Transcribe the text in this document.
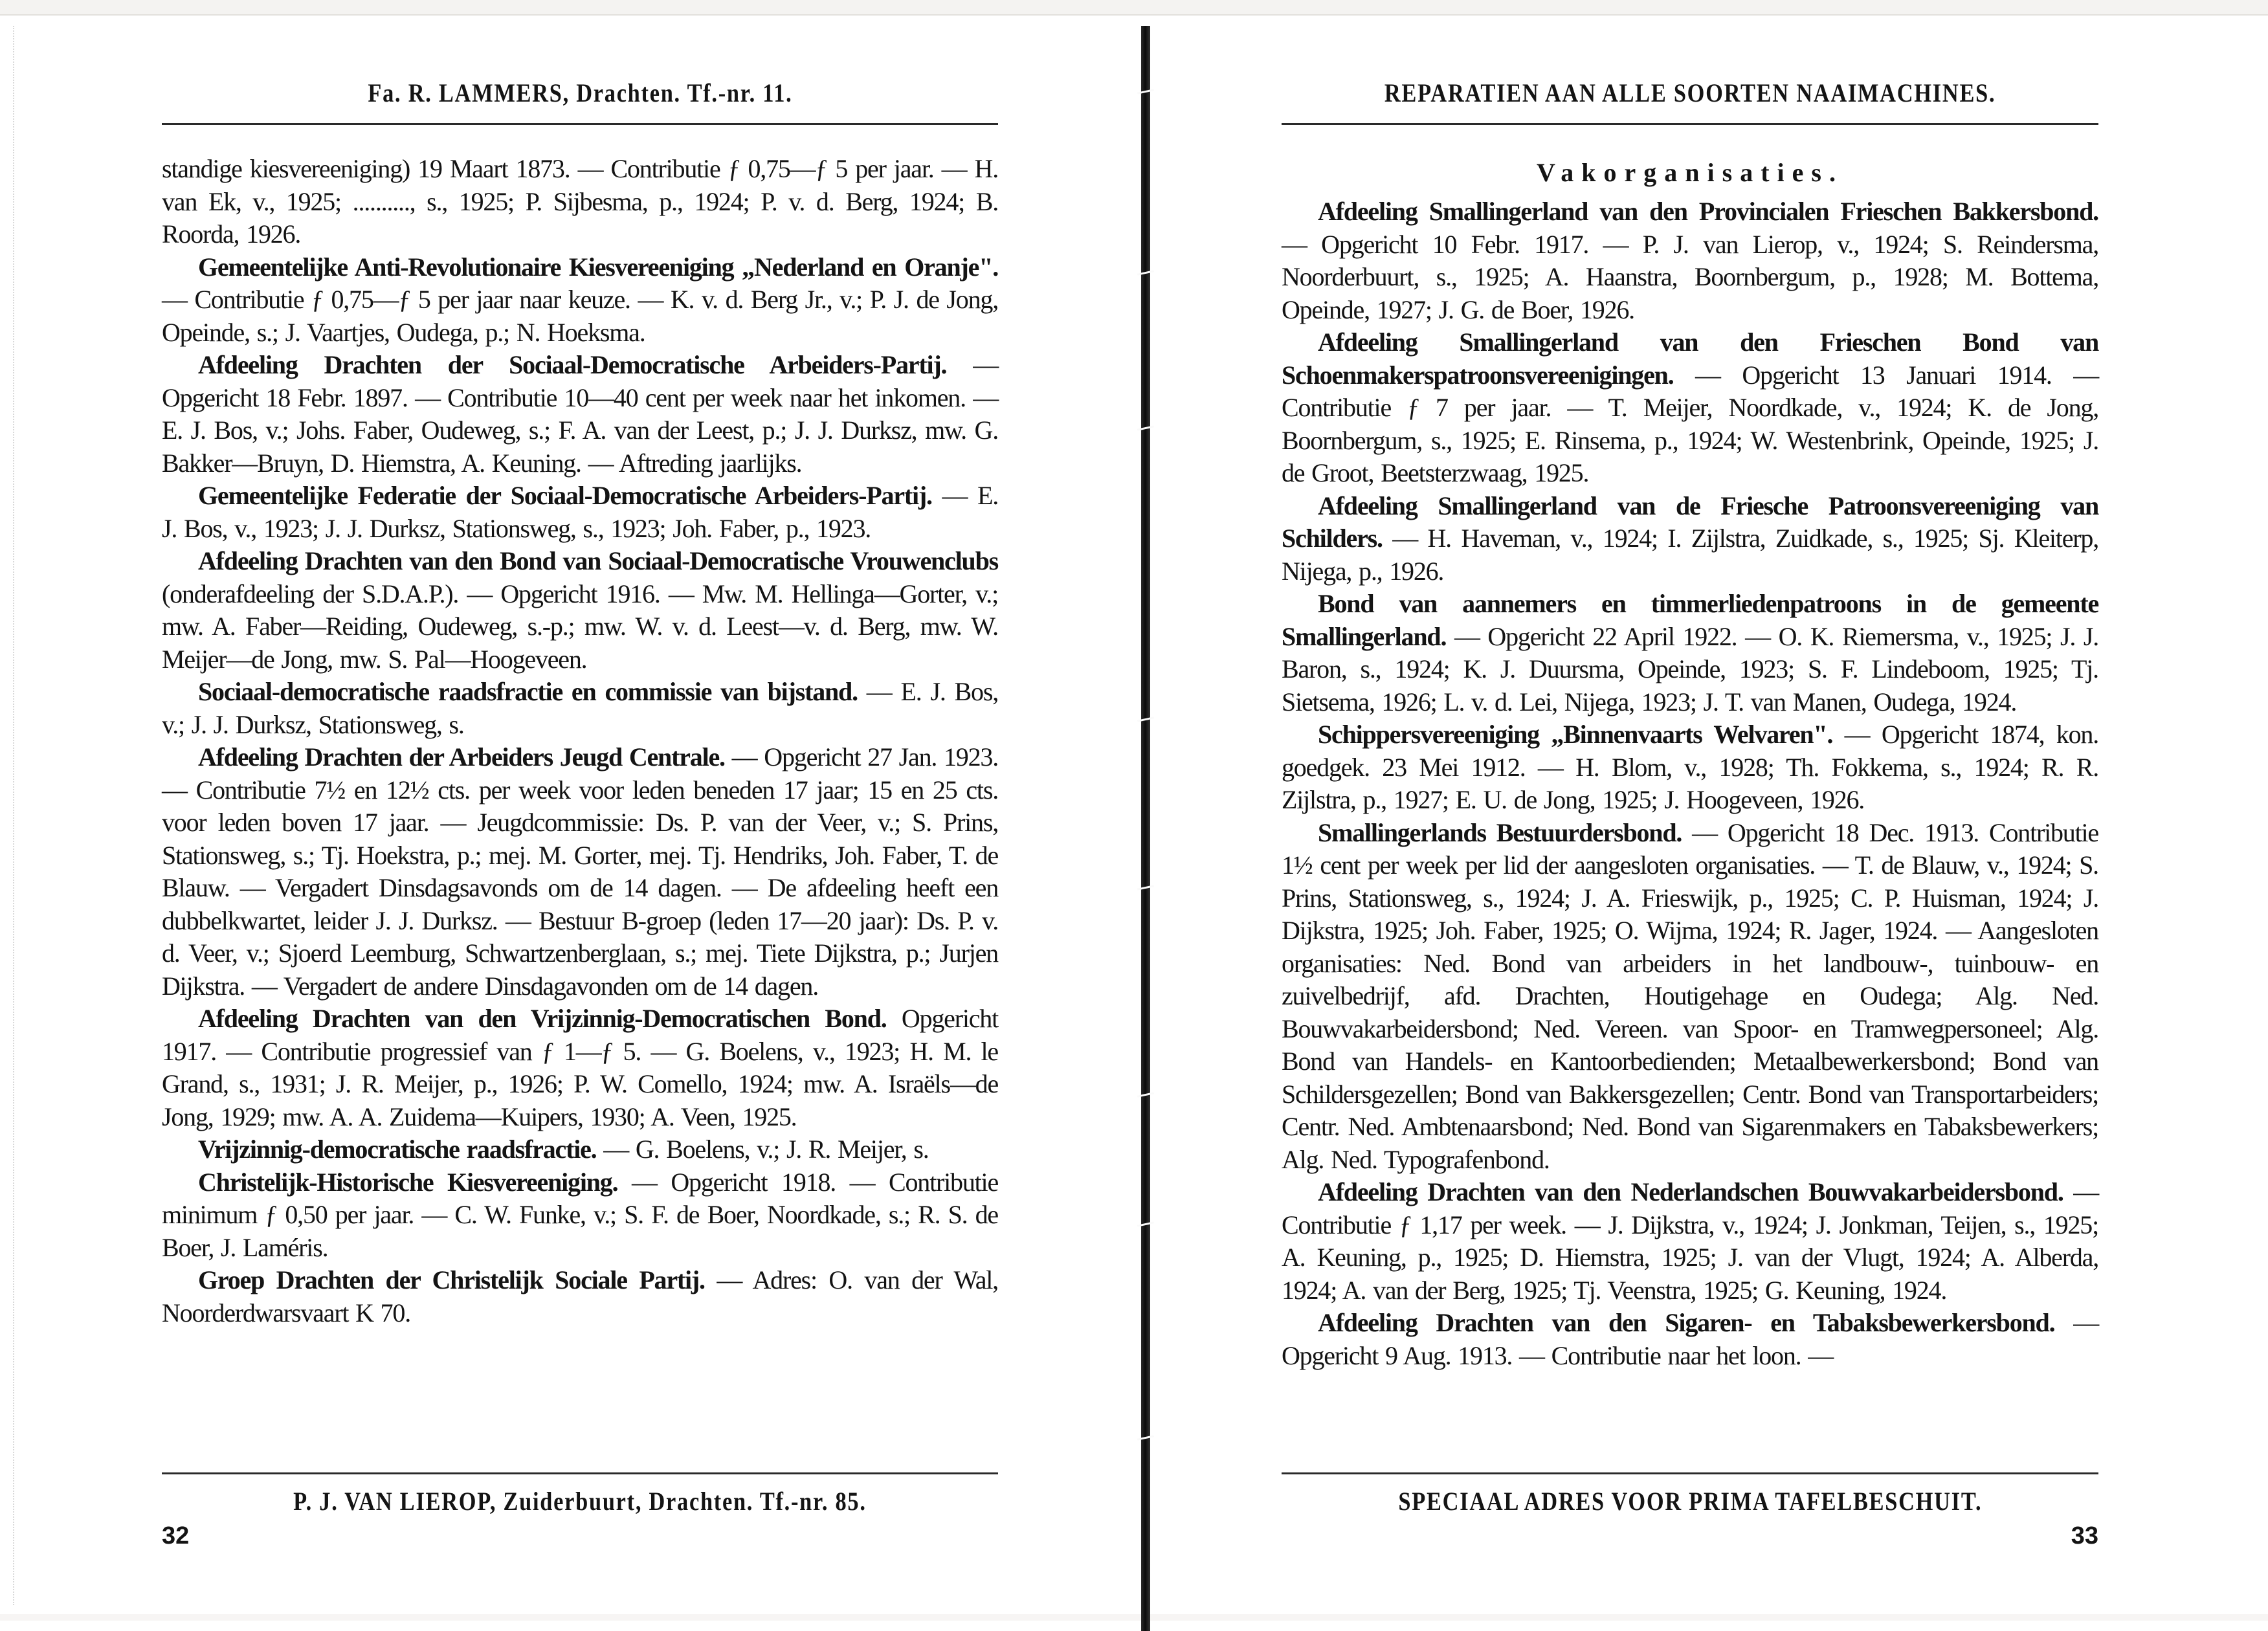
Fa. R. LAMMERS, Drachten. Tf.-nr. 11.
standige kiesvereeniging) 19 Maart 1873. — Contributie ƒ 0,75—ƒ 5 per jaar. — H. van Ek, v., 1925; .........., s., 1925; P. Sijbesma, p., 1924; P. v. d. Berg, 1924; B. Roorda, 1926.
Gemeentelijke Anti-Revolutionaire Kiesvereeniging „Nederland en Oranje". — Contributie ƒ 0,75—ƒ 5 per jaar naar keuze. — K. v. d. Berg Jr., v.; P. J. de Jong, Opeinde, s.; J. Vaartjes, Oudega, p.; N. Hoeksma.
Afdeeling Drachten der Sociaal-Democratische Arbeiders-Partij. — Opgericht 18 Febr. 1897. — Contributie 10—40 cent per week naar het inkomen. — E. J. Bos, v.; Johs. Faber, Oudeweg, s.; F. A. van der Leest, p.; J. J. Durksz, mw. G. Bakker—Bruyn, D. Hiemstra, A. Keuning. — Aftreding jaarlijks.
Gemeentelijke Federatie der Sociaal-Democratische Arbeiders-Partij. — E. J. Bos, v., 1923; J. J. Durksz, Stationsweg, s., 1923; Joh. Faber, p., 1923.
Afdeeling Drachten van den Bond van Sociaal-Democratische Vrouwenclubs (onderafdeeling der S.D.A.P.). — Opgericht 1916. — Mw. M. Hellinga—Gorter, v.; mw. A. Faber—Reiding, Oudeweg, s.-p.; mw. W. v. d. Leest—v. d. Berg, mw. W. Meijer—de Jong, mw. S. Pal—Hoogeveen.
Sociaal-democratische raadsfractie en commissie van bijstand. — E. J. Bos, v.; J. J. Durksz, Stationsweg, s.
Afdeeling Drachten der Arbeiders Jeugd Centrale. — Opgericht 27 Jan. 1923. — Contributie 7½ en 12½ cts. per week voor leden beneden 17 jaar; 15 en 25 cts. voor leden boven 17 jaar. — Jeugdcommissie: Ds. P. van der Veer, v.; S. Prins, Stationsweg, s.; Tj. Hoekstra, p.; mej. M. Gorter, mej. Tj. Hendriks, Joh. Faber, T. de Blauw. — Vergadert Dinsdagsavonds om de 14 dagen. — De afdeeling heeft een dubbelkwartet, leider J. J. Durksz. — Bestuur B-groep (leden 17—20 jaar): Ds. P. v. d. Veer, v.; Sjoerd Leemburg, Schwartzenberglaan, s.; mej. Tiete Dijkstra, p.; Jurjen Dijkstra. — Vergadert de andere Dinsdagavonden om de 14 dagen.
Afdeeling Drachten van den Vrijzinnig-Democratischen Bond. Opgericht 1917. — Contributie progressief van ƒ 1—ƒ 5. — G. Boelens, v., 1923; H. M. le Grand, s., 1931; J. R. Meijer, p., 1926; P. W. Comello, 1924; mw. A. Israëls—de Jong, 1929; mw. A. A. Zuidema—Kuipers, 1930; A. Veen, 1925.
Vrijzinnig-democratische raadsfractie. — G. Boelens, v.; J. R. Meijer, s.
Christelijk-Historische Kiesvereeniging. — Opgericht 1918. — Contributie minimum ƒ 0,50 per jaar. — C. W. Funke, v.; S. F. de Boer, Noordkade, s.; R. S. de Boer, J. Laméris.
Groep Drachten der Christelijk Sociale Partij. — Adres: O. van der Wal, Noorderdwarsvaart K 70.
P. J. VAN LIEROP, Zuiderbuurt, Drachten. Tf.-nr. 85.
32
REPARATIEN AAN ALLE SOORTEN NAAIMACHINES.
Vakorganisaties.
Afdeeling Smallingerland van den Provincialen Frieschen Bakkersbond. — Opgericht 10 Febr. 1917. — P. J. van Lierop, v., 1924; S. Reindersma, Noorderbuurt, s., 1925; A. Haanstra, Boornbergum, p., 1928; M. Bottema, Opeinde, 1927; J. G. de Boer, 1926.
Afdeeling Smallingerland van den Frieschen Bond van Schoenmakerspatroonsvereenigingen. — Opgericht 13 Januari 1914. — Contributie ƒ 7 per jaar. — T. Meijer, Noordkade, v., 1924; K. de Jong, Boornbergum, s., 1925; E. Rinsema, p., 1924; W. Westenbrink, Opeinde, 1925; J. de Groot, Beetsterzwaag, 1925.
Afdeeling Smallingerland van de Friesche Patroonsvereeniging van Schilders. — H. Haveman, v., 1924; I. Zijlstra, Zuidkade, s., 1925; Sj. Kleiterp, Nijega, p., 1926.
Bond van aannemers en timmerliedenpatroons in de gemeente Smallingerland. — Opgericht 22 April 1922. — O. K. Riemersma, v., 1925; J. J. Baron, s., 1924; K. J. Duursma, Opeinde, 1923; S. F. Lindeboom, 1925; Tj. Sietsema, 1926; L. v. d. Lei, Nijega, 1923; J. T. van Manen, Oudega, 1924.
Schippersvereeniging „Binnenvaarts Welvaren". — Opgericht 1874, kon. goedgek. 23 Mei 1912. — H. Blom, v., 1928; Th. Fokkema, s., 1924; R. R. Zijlstra, p., 1927; E. U. de Jong, 1925; J. Hoogeveen, 1926.
Smallingerlands Bestuurdersbond. — Opgericht 18 Dec. 1913. Contributie 1½ cent per week per lid der aangesloten organisaties. — T. de Blauw, v., 1924; S. Prins, Stationsweg, s., 1924; J. A. Frieswijk, p., 1925; C. P. Huisman, 1924; J. Dijkstra, 1925; Joh. Faber, 1925; O. Wijma, 1924; R. Jager, 1924. — Aangesloten organisaties: Ned. Bond van arbeiders in het landbouw-, tuinbouw- en zuivelbedrijf, afd. Drachten, Houtigehage en Oudega; Alg. Ned. Bouwvakarbeidersbond; Ned. Vereen. van Spoor- en Tramwegpersoneel; Alg. Bond van Handels- en Kantoorbedienden; Metaalbewerkersbond; Bond van Schildersgezellen; Bond van Bakkersgezellen; Centr. Bond van Transportarbeiders; Centr. Ned. Ambtenaarsbond; Ned. Bond van Sigarenmakers en Tabaksbewerkers; Alg. Ned. Typografenbond.
Afdeeling Drachten van den Nederlandschen Bouwvakarbeidersbond. — Contributie ƒ 1,17 per week. — J. Dijkstra, v., 1924; J. Jonkman, Teijen, s., 1925; A. Keuning, p., 1925; D. Hiemstra, 1925; J. van der Vlugt, 1924; A. Alberda, 1924; A. van der Berg, 1925; Tj. Veenstra, 1925; G. Keuning, 1924.
Afdeeling Drachten van den Sigaren- en Tabaksbewerkersbond. — Opgericht 9 Aug. 1913. — Contributie naar het loon. —
SPECIAAL ADRES VOOR PRIMA TAFELBESCHUIT.
33
